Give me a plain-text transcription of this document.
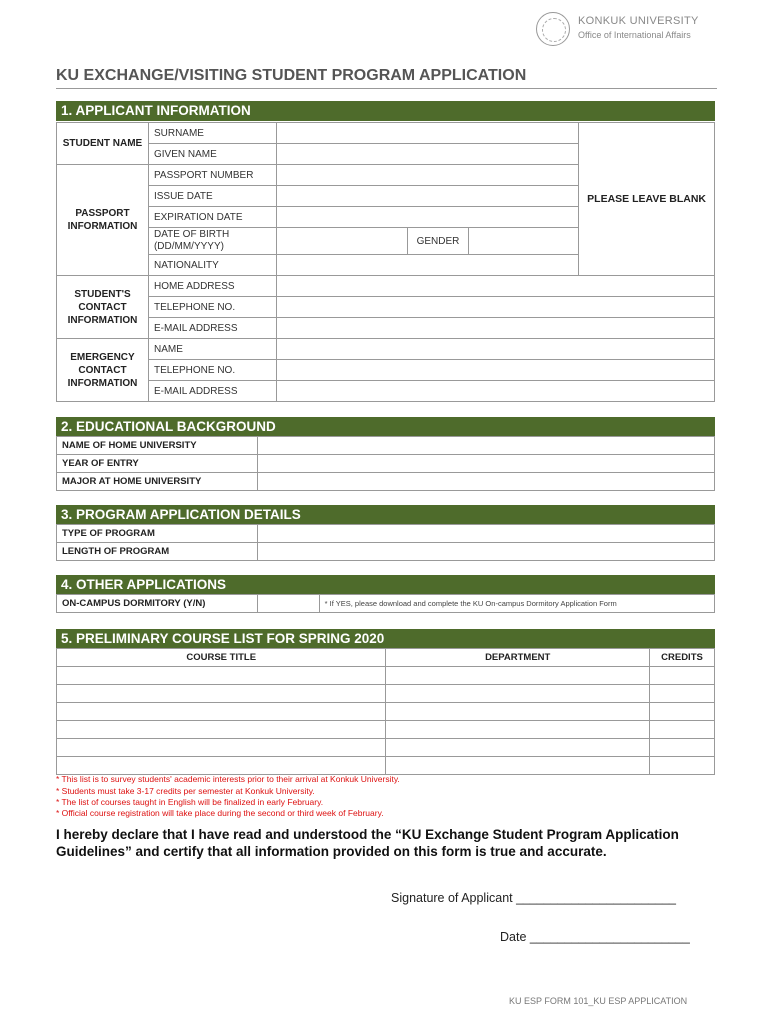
KONKUK UNIVERSITY
Office of International Affairs
KU EXCHANGE/VISITING STUDENT PROGRAM APPLICATION
1. APPLICANT INFORMATION
STUDENT NAME	SURNAME				PLEASE LEAVE BLANK
	GIVEN NAME				
PASSPORT INFORMATION	PASSPORT NUMBER				
	ISSUE DATE				
	EXPIRATION DATE				
	DATE OF BIRTH (DD/MM/YYYY)		GENDER		
	NATIONALITY				
STUDENT'S CONTACT INFORMATION	HOME ADDRESS				
	TELEPHONE NO.				
	E-MAIL ADDRESS				
EMERGENCY CONTACT INFORMATION	NAME				
	TELEPHONE NO.				
	E-MAIL ADDRESS				
2. EDUCATIONAL BACKGROUND
NAME OF HOME UNIVERSITY	
YEAR OF ENTRY	
MAJOR AT HOME UNIVERSITY	
3. PROGRAM APPLICATION DETAILS
TYPE OF PROGRAM	
LENGTH OF PROGRAM	
4. OTHER APPLICATIONS
ON-CAMPUS DORMITORY (Y/N)		* If YES, please download and complete the KU On-campus Dormitory Application Form
5. PRELIMINARY COURSE LIST FOR SPRING 2020
COURSE TITLE	DEPARTMENT	CREDITS

* This list is to survey students' academic interests prior to their arrival at Konkuk University.
* Students must take 3-17 credits per semester at Konkuk University.
* The list of courses taught in English will be finalized in early February.
* Official course registration will take place during the second or third week of February.
I hereby declare that I have read and understood the “KU Exchange Student Program Application Guidelines” and certify that all information provided on this form is true and accurate.
Signature of Applicant _______________________
Date _______________________
KU ESP FORM 101_KU ESP APPLICATION
